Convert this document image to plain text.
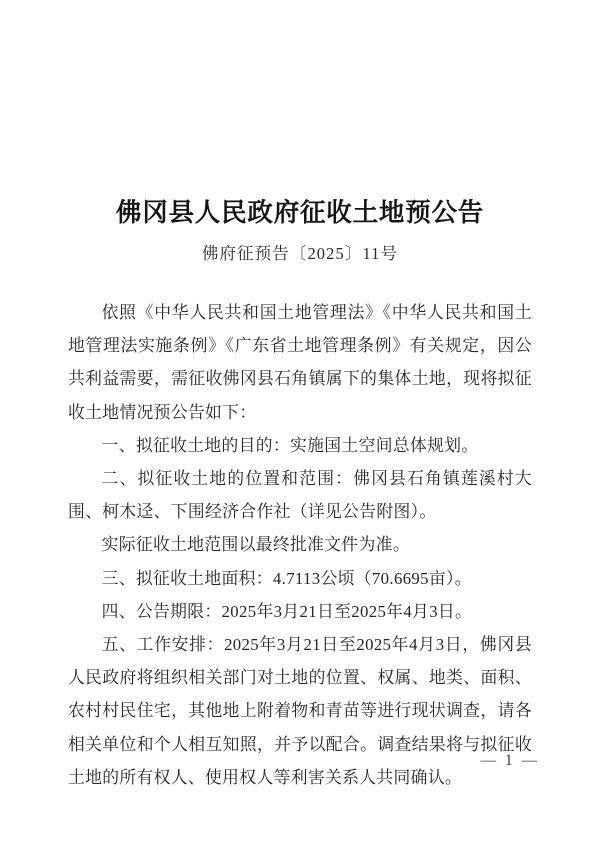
佛冈县人民政府征收土地预公告

佛府征预告〔2025〕11号

依照《中华人民共和国土地管理法》《中华人民共和国土地管理法实施条例》《广东省土地管理条例》有关规定，因公共利益需要，需征收佛冈县石角镇属下的集体土地，现将拟征收土地情况预公告如下：

一、拟征收土地的目的：实施国土空间总体规划。

二、拟征收土地的位置和范围：佛冈县石角镇莲溪村大围、柯木迳、下围经济合作社（详见公告附图）。

实际征收土地范围以最终批准文件为准。

三、拟征收土地面积：4.7113公顷（70.6695亩）。

四、公告期限：2025年3月21日至2025年4月3日。

五、工作安排：2025年3月21日至2025年4月3日，佛冈县人民政府将组织相关部门对土地的位置、权属、地类、面积、农村村民住宅，其他地上附着物和青苗等进行现状调查，请各相关单位和个人相互知照，并予以配合。调查结果将与拟征收土地的所有权人、使用权人等利害关系人共同确认。

— 1 —
